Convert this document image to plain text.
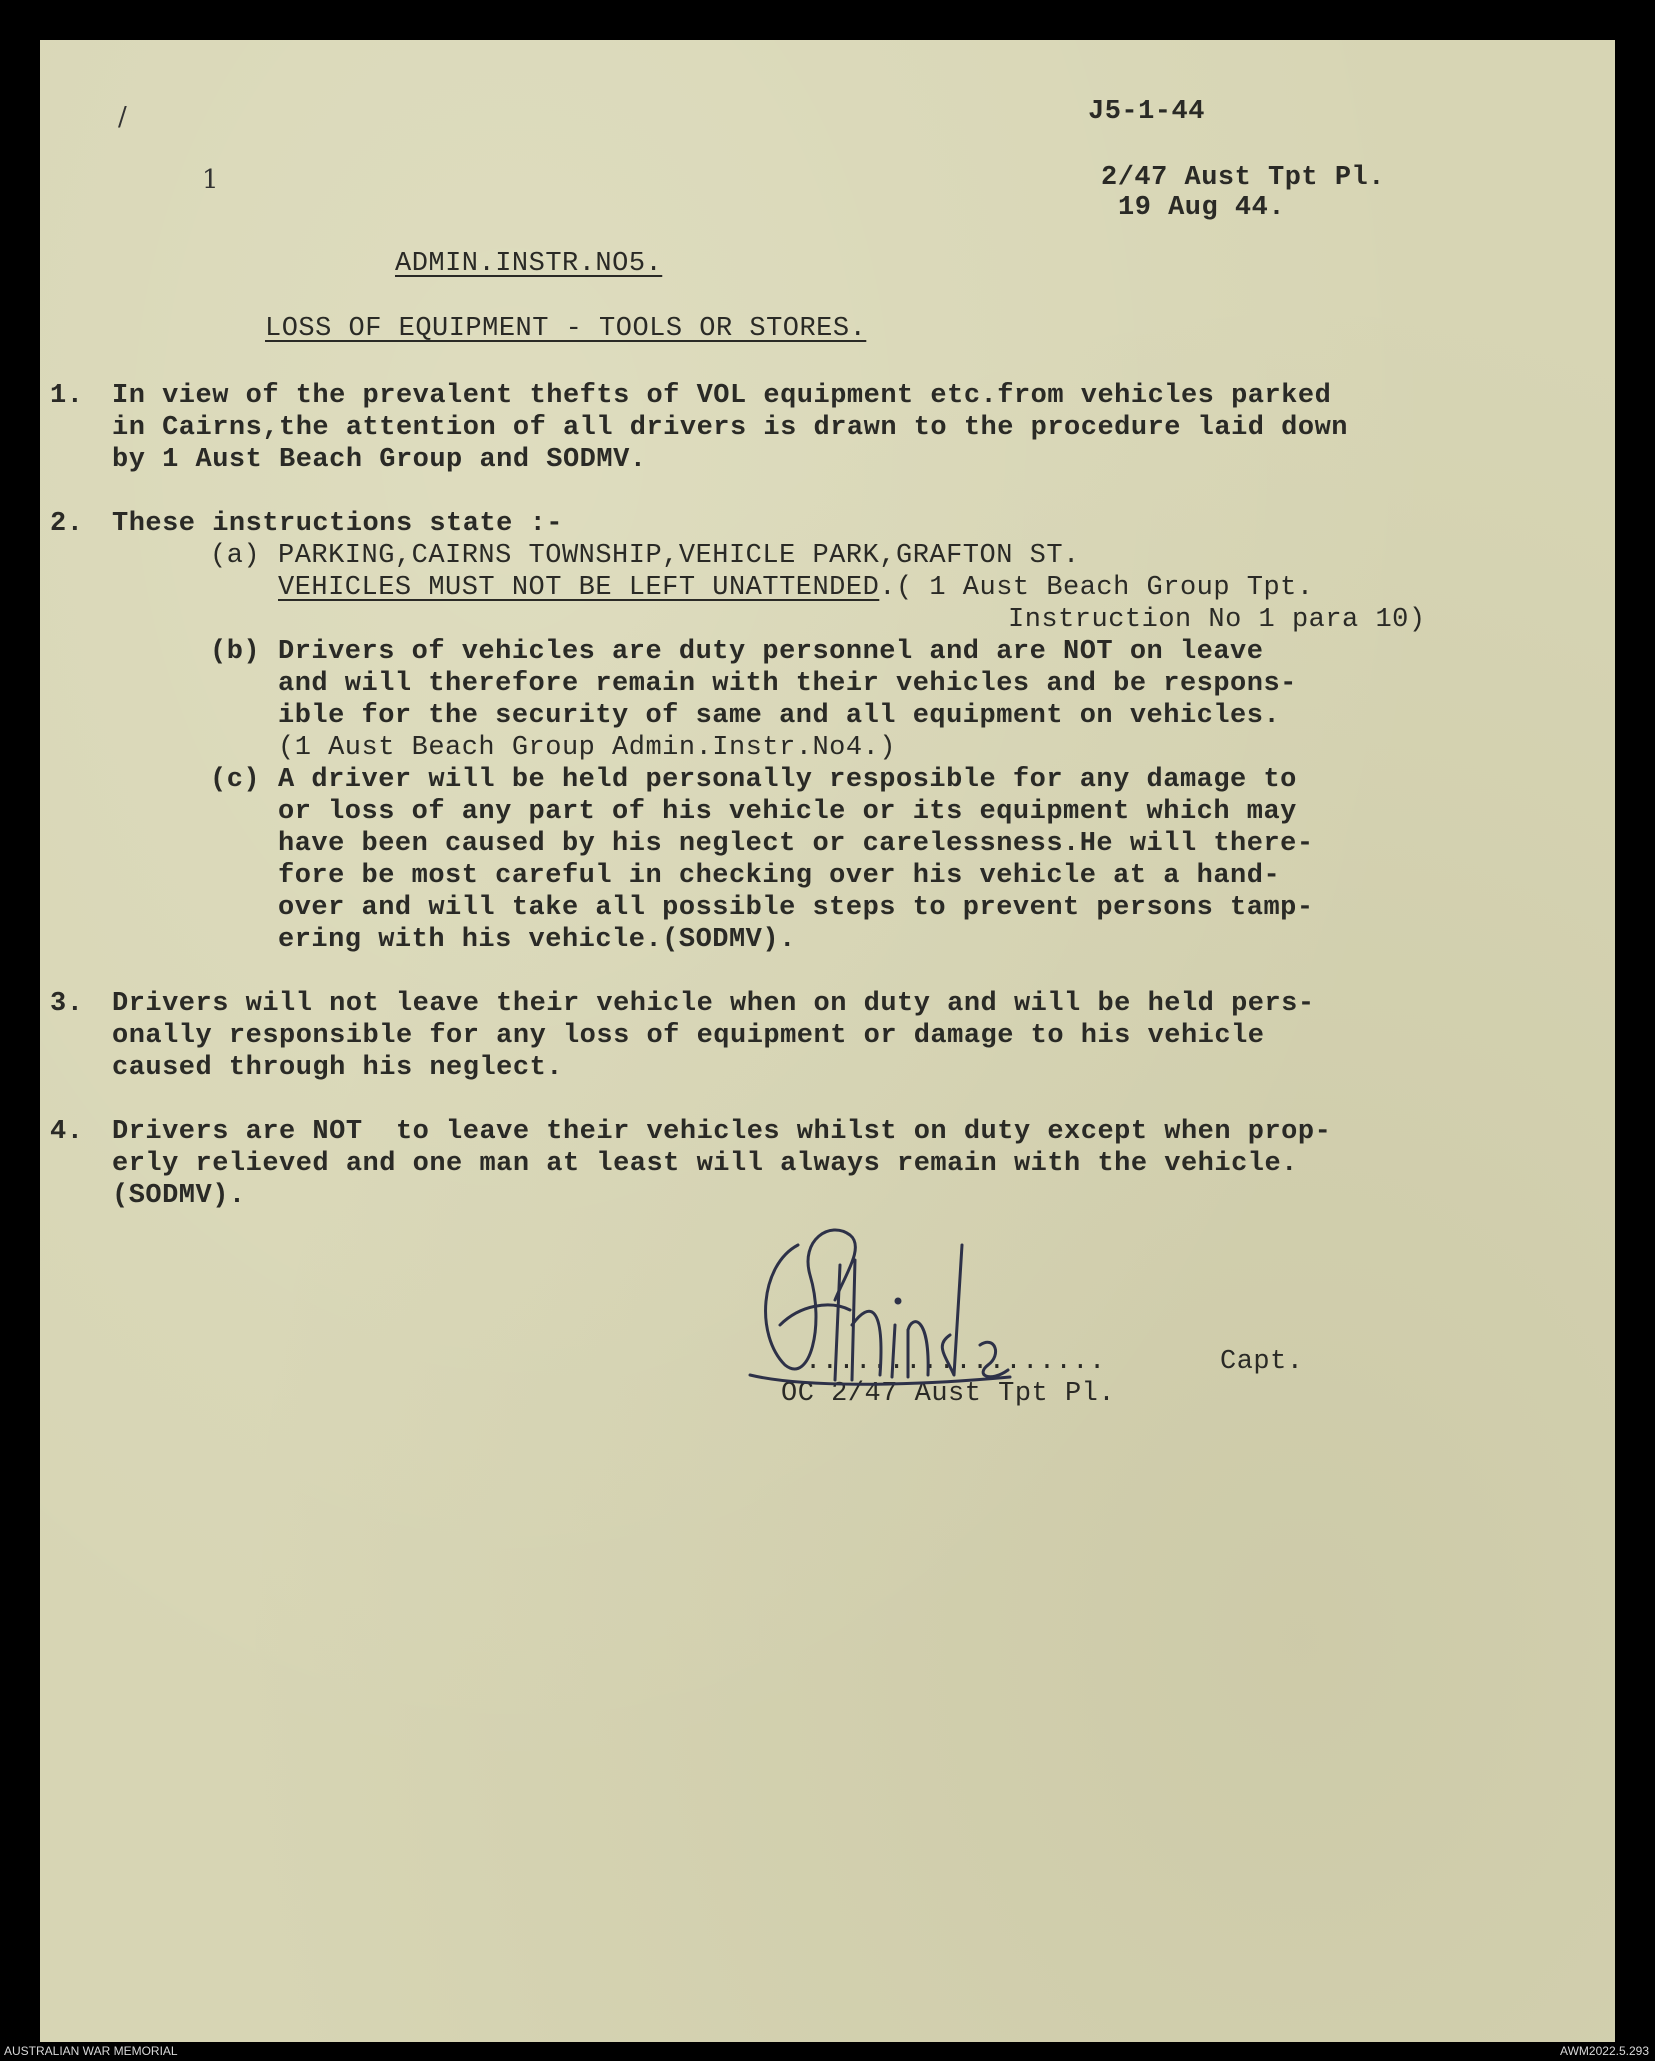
/
1
J5-1-44
2/47 Aust Tpt Pl.
19 Aug 44.
ADMIN.INSTR.NO5.
LOSS OF EQUIPMENT - TOOLS OR STORES.
1. In view of the prevalent thefts of VOL equipment etc.from vehicles parked
in Cairns,the attention of all drivers is drawn to the procedure laid down
by 1 Aust Beach Group and SODMV.
2. These instructions state :-
(a) PARKING,CAIRNS TOWNSHIP,VEHICLE PARK,GRAFTON ST.
VEHICLES MUST NOT BE LEFT UNATTENDED.( 1 Aust Beach Group Tpt.
Instruction No 1 para 10)
(b) Drivers of vehicles are duty personnel and are NOT on leave
and will therefore remain with their vehicles and be respons-
ible for the security of same and all equipment on vehicles.
(1 Aust Beach Group Admin.Instr.No4.)
(c) A driver will be held personally resposible for any damage to
or loss of any part of his vehicle or its equipment which may
have been caused by his neglect or carelessness.He will there-
fore be most careful in checking over his vehicle at a hand-
over and will take all possible steps to prevent persons tamp-
ering with his vehicle.(SODMV).
3. Drivers will not leave their vehicle when on duty and will be held pers-
onally responsible for any loss of equipment or damage to his vehicle
caused through his neglect.
4. Drivers are NOT  to leave their vehicles whilst on duty except when prop-
erly relieved and one man at least will always remain with the vehicle.
(SODMV).
..................	Capt.
OC 2/47 Aust Tpt Pl.
AUSTRALIAN WAR MEMORIAL	AWM2022.5.293
